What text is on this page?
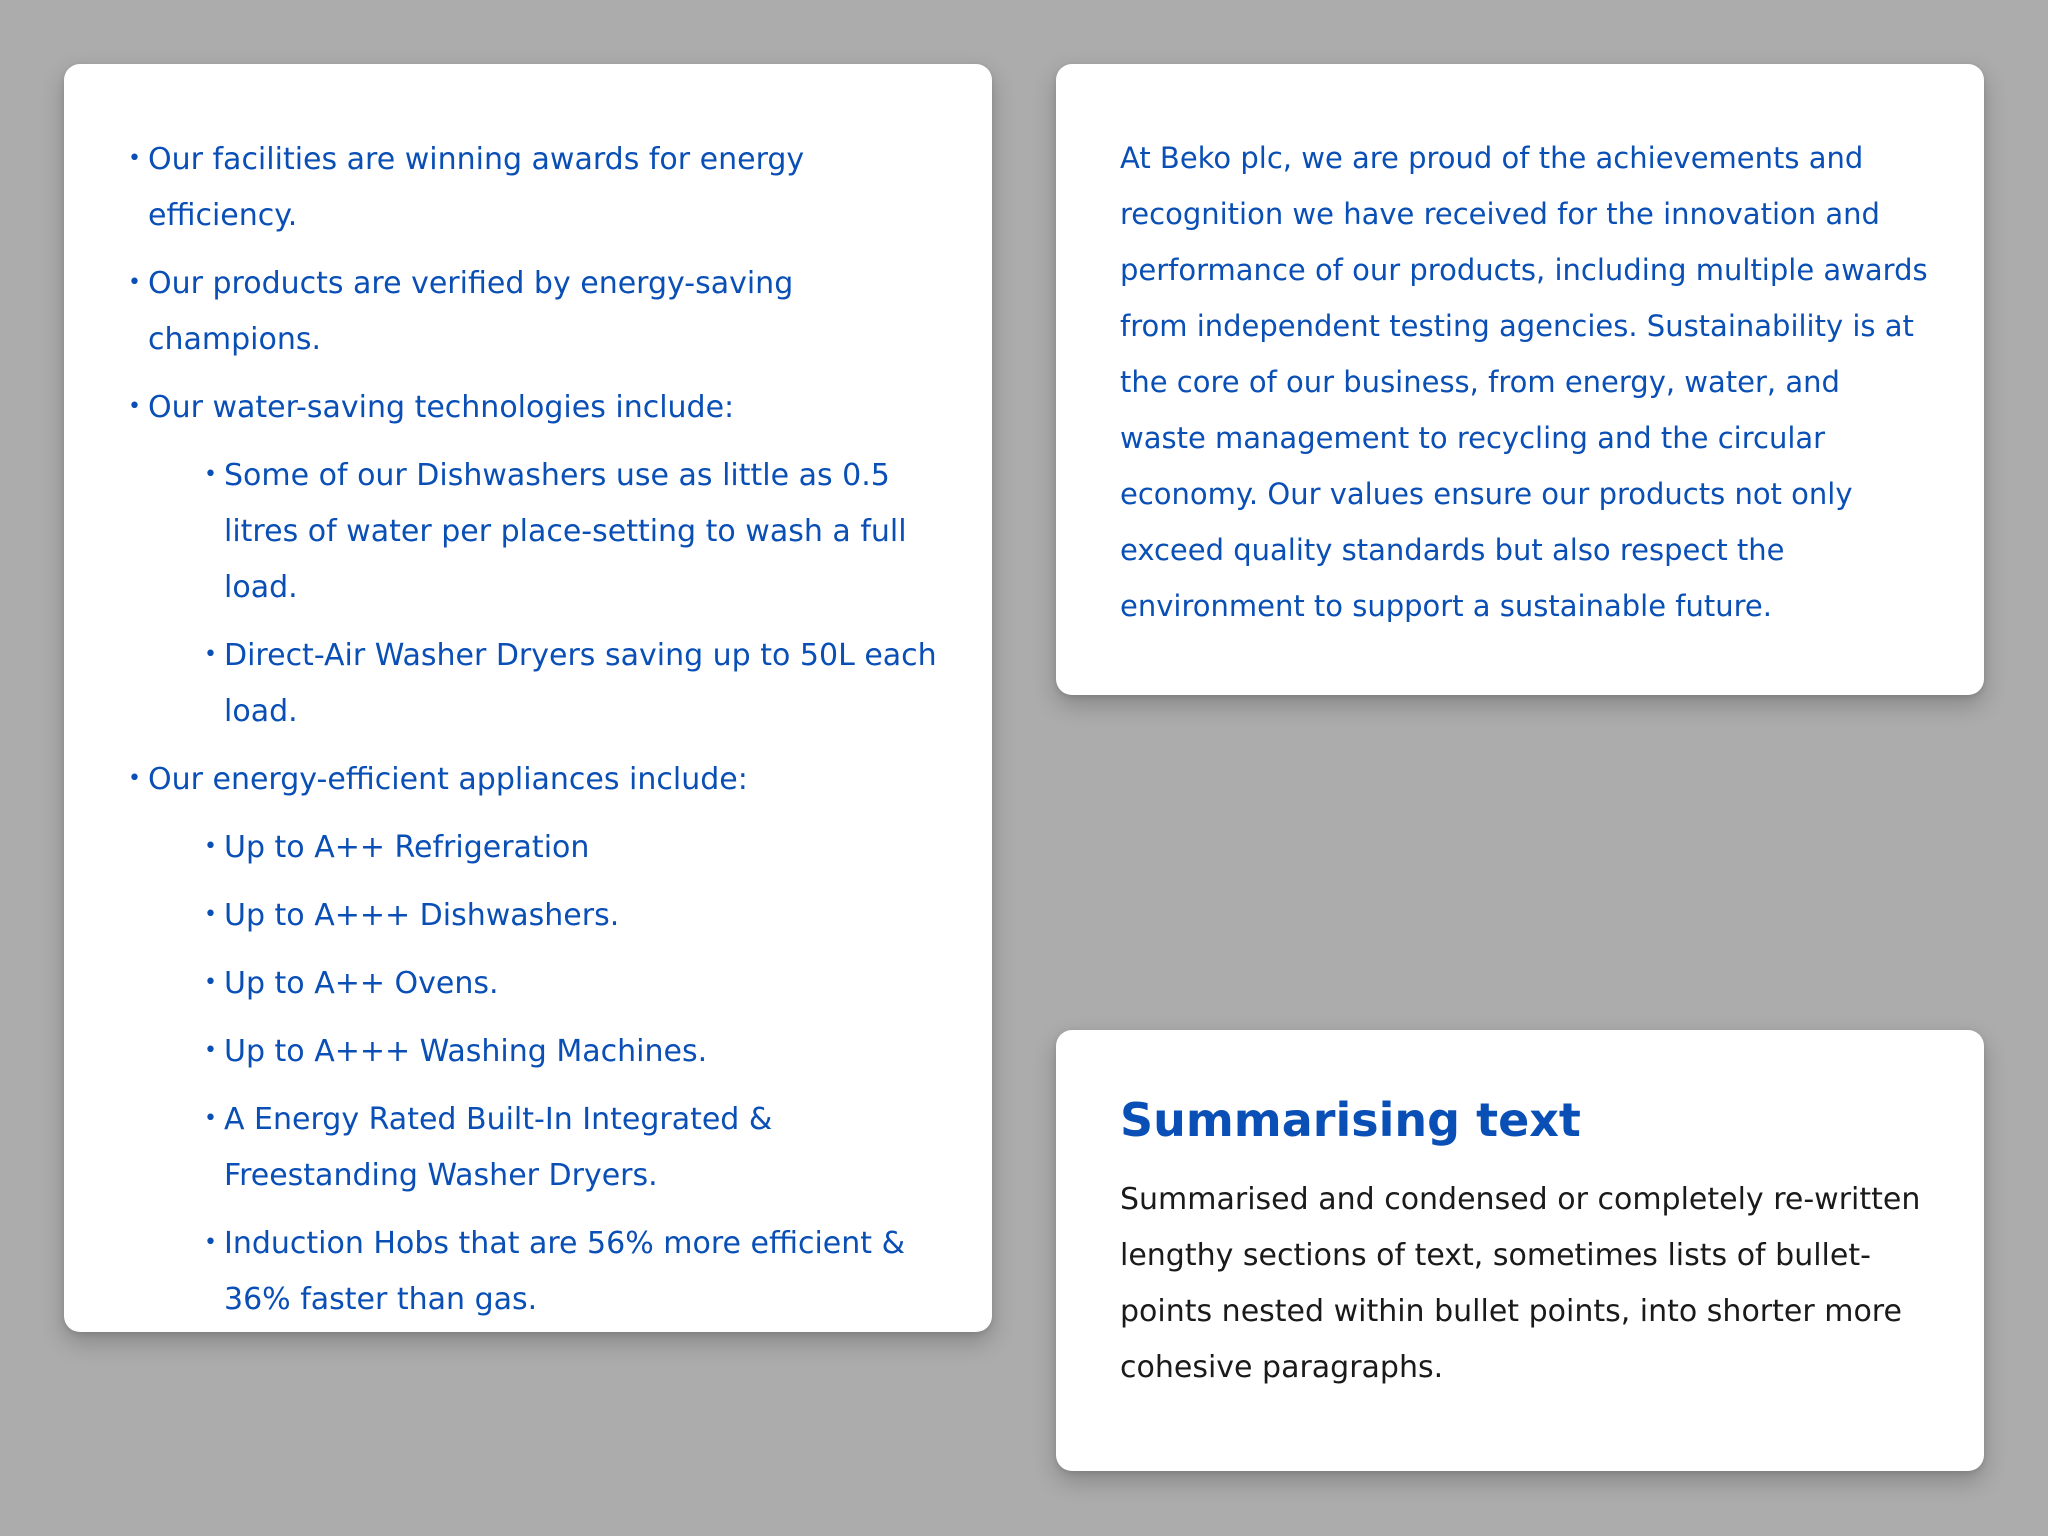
• Our facilities are winning awards for energy efficiency.
• Our products are verified by energy-saving champions.
• Our water-saving technologies include:
• Some of our Dishwashers use as little as 0.5 litres of water per place-setting to wash a full load.
• Direct-Air Washer Dryers saving up to 50L each load.
• Our energy-efficient appliances include:
• Up to A++ Refrigeration
• Up to A+++ Dishwashers.
• Up to A++ Ovens.
• Up to A+++ Washing Machines.
• A Energy Rated Built-In Integrated & Freestanding Washer Dryers.
• Induction Hobs that are 56% more efficient & 36% faster than gas.

At Beko plc, we are proud of the achievements and recognition we have received for the innovation and performance of our products, including multiple awards from independent testing agencies. Sustainability is at the core of our business, from energy, water, and waste management to recycling and the circular economy. Our values ensure our products not only exceed quality standards but also respect the environment to support a sustainable future.

Summarising text

Summarised and condensed or completely re-written lengthy sections of text, sometimes lists of bullet-points nested within bullet points, into shorter more cohesive paragraphs.
